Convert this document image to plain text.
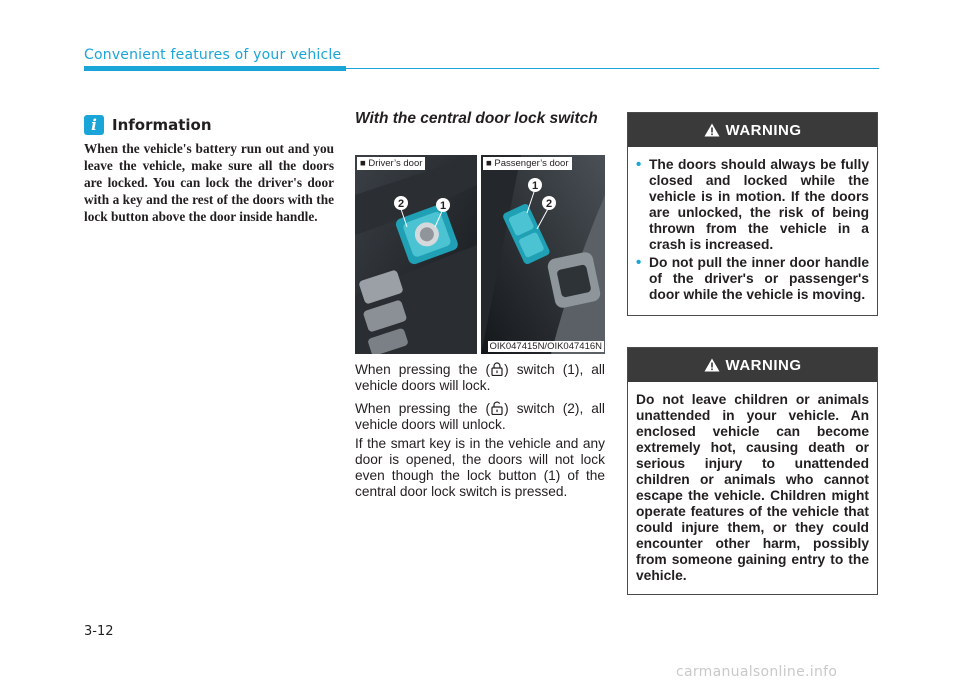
Convenient features of your vehicle
i	Information
When the vehicle's battery run out and you leave the vehicle, make sure all the doors are locked. You can lock the driver's door with a key and the rest of the doors with the lock button above the door inside handle.
With the central door lock switch
2	1
■ Driver’s door
1
2
■ Passenger’s door
OIK047415N/OIK047416N
When pressing the ( ) switch (1), all vehicle doors will lock.
When pressing the ( ) switch (2), all vehicle doors will unlock.
If the smart key is in the vehicle and any door is opened, the doors will not lock even though the lock button (1) of the central door lock switch is pressed.
WARNING
• The doors should always be fully closed and locked while the vehicle is in motion. If the doors are unlocked, the risk of being thrown from the vehicle in a crash is increased.
• Do not pull the inner door handle of the driver's or passenger's door while the vehicle is moving.
WARNING
Do not leave children or animals unattended in your vehicle. An enclosed vehicle can become extremely hot, causing death or serious injury to unattended children or animals who cannot escape the vehicle. Children might operate features of the vehicle that could injure them, or they could encounter other harm, possibly from someone gaining entry to the vehicle.
3-12
carmanualsonline.info
